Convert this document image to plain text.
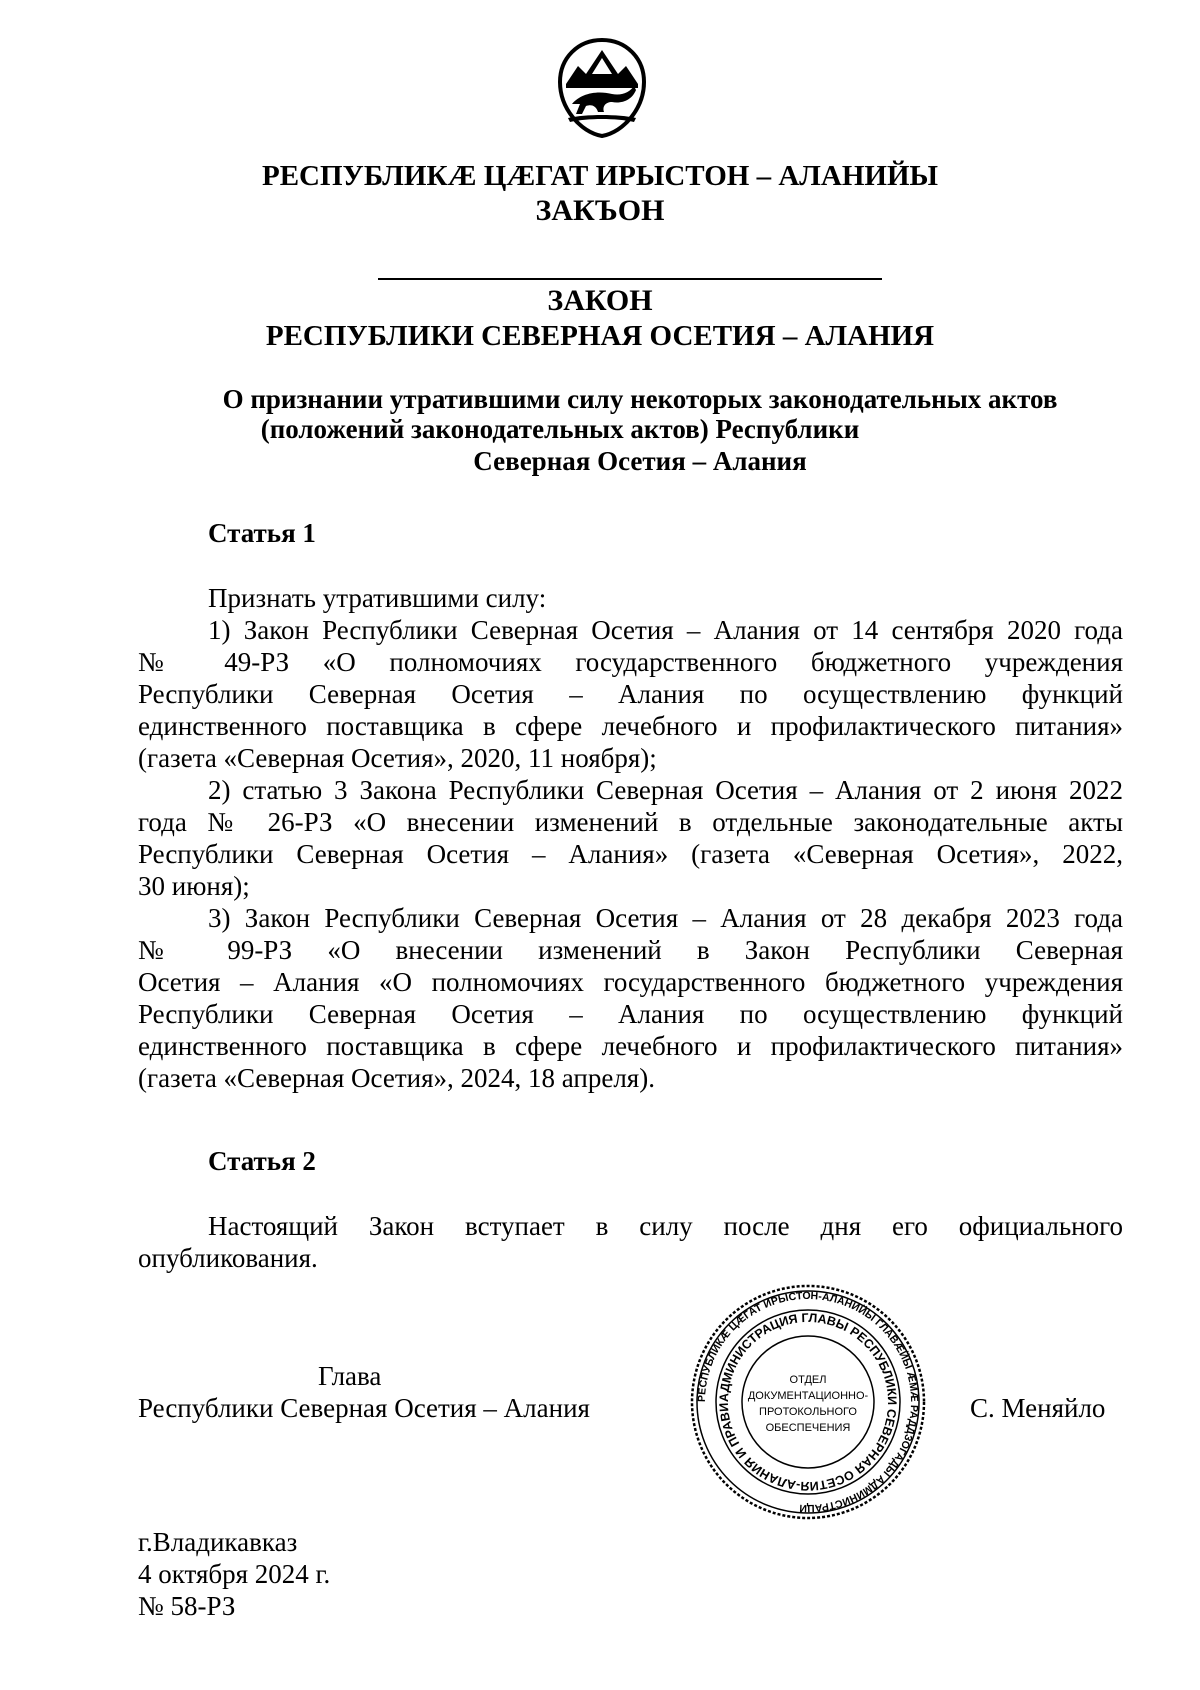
РЕСПУБЛИКӔ ЦӔГАТ ИРЫСТОН – АЛАНИЙЫ

ЗАКЪОН

ЗАКОН

РЕСПУБЛИКИ СЕВЕРНАЯ ОСЕТИЯ – АЛАНИЯ

О признании утратившими силу некоторых законодательных актов

(положений законодательных актов) Республики

Северная Осетия – Алания

Статья 1

Признать утратившими силу:

1) Закон Республики Северная Осетия – Алания от 14 сентября 2020 года
№ 49-РЗ «О полномочиях государственного бюджетного учреждения
Республики Северная Осетия – Алания по осуществлению функций
единственного поставщика в сфере лечебного и профилактического питания»
(газета «Северная Осетия», 2020, 11 ноября);
2) статью 3 Закона Республики Северная Осетия – Алания от 2 июня 2022
года № 26-РЗ «О внесении изменений в отдельные законодательные акты
Республики Северная Осетия – Алания» (газета «Северная Осетия», 2022,
30 июня);
3) Закон Республики Северная Осетия – Алания от 28 декабря 2023 года
№ 99-РЗ «О внесении изменений в Закон Республики Северная
Осетия – Алания «О полномочиях государственного бюджетного учреждения
Республики Северная Осетия – Алания по осуществлению функций
единственного поставщика в сфере лечебного и профилактического питания»
(газета «Северная Осетия», 2024, 18 апреля).

Статья 2

Настоящий Закон вступает в силу после дня его официального
опубликования.

Глава

Республики Северная Осетия – Алания	С. Меняйло

РЕСПУБЛИКӔ ЦӔГАТ ИРЫСТОН-АЛАНИЙЫ ГЛАВӔЙЫ ӔМӔ РАДДЗОГАДЫ АДМИНИСТРАЦИ
АДМИНИСТРАЦИЯ ГЛАВЫ РЕСПУБЛИКИ СЕВЕРНАЯ ОСЕТИЯ-АЛАНИЯ И ПРАВИ
ОТДЕЛ
ДОКУМЕНТАЦИОННО-
ПРОТОКОЛЬНОГО
ОБЕСПЕЧЕНИЯ

г.Владикавказ

4 октября 2024 г.

№ 58-РЗ
